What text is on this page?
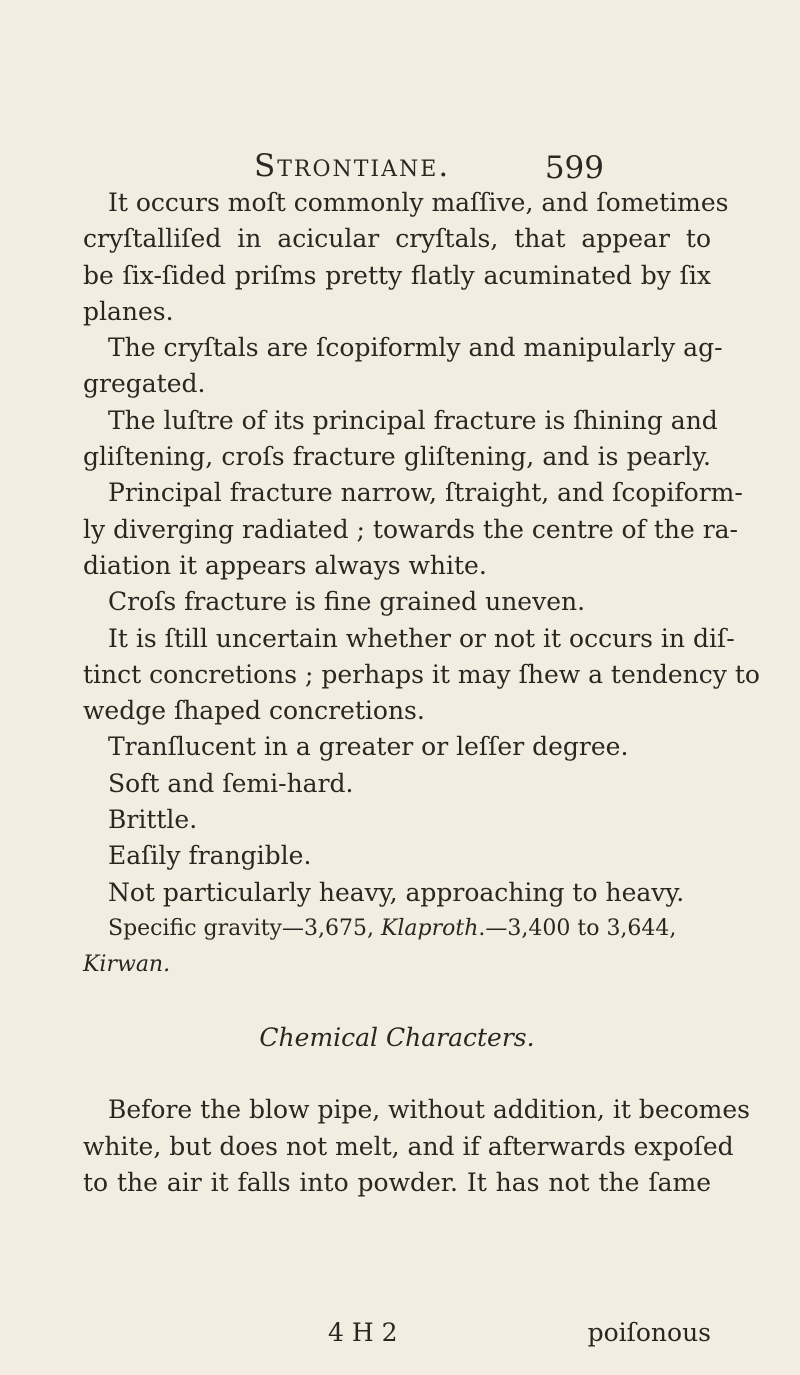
Strontiane.	599
It occurs moſt commonly maſſive, and ſometimes
cryſtalliſed in acicular cryſtals, that appear to
be ſix-ſided priſms pretty flatly acuminated by ſix
planes.
The cryſtals are ſcopiformly and manipularly ag-
gregated.
The luſtre of its principal fracture is ſhining and
gliſtening, croſs fracture gliſtening, and is pearly.
Principal fracture narrow, ſtraight, and ſcopiform-
ly diverging radiated ; towards the centre of the ra-
diation it appears always white.
Croſs fracture is fine grained uneven.
It is ſtill uncertain whether or not it occurs in diſ-
tinct concretions ; perhaps it may ſhew a tendency to
wedge ſhaped concretions.
Tranſlucent in a greater or leſſer degree.
Soft and ſemi-hard.
Brittle.
Eaſily frangible.
Not particularly heavy, approaching to heavy.
Specific gravity—3,675, Klaproth.—3,400 to 3,644,
Kirwan.
Chemical Characters.
Before the blow pipe, without addition, it becomes
white, but does not melt, and if afterwards expoſed
to the air it falls into powder. It has not the ſame
4 H 2	poiſonous
